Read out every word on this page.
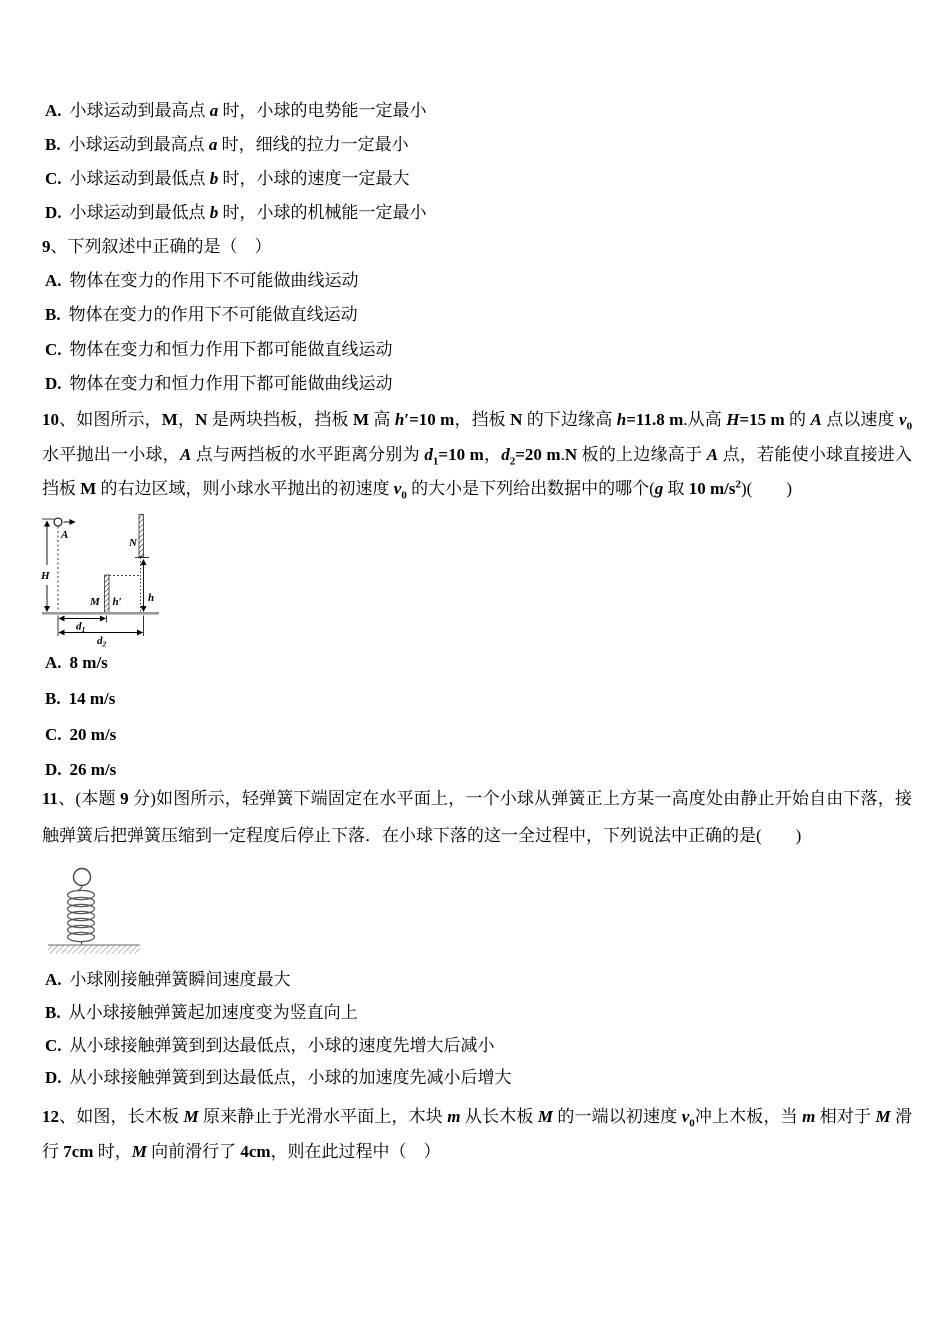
A. 小球运动到最高点 a 时，小球的电势能一定最小
B. 小球运动到最高点 a 时，细线的拉力一定最小
C. 小球运动到最低点 b 时，小球的速度一定最大
D. 小球运动到最低点 b 时，小球的机械能一定最小
9、下列叙述中正确的是（　）
A. 物体在变力的作用下不可能做曲线运动
B. 物体在变力的作用下不可能做直线运动
C. 物体在变力和恒力作用下都可能做直线运动
D. 物体在变力和恒力作用下都可能做曲线运动
10、如图所示，M，N 是两块挡板，挡板 M 高 h′=10 m，挡板 N 的下边缘高 h=11.8 m.从高 H=15 m 的 A 点以速度 $v_0$水平抛出一小球，A 点与两挡板的水平距离分别为 $d_1=10$ m，$d_2=20$ m.N 板的上边缘高于 A 点，若能使小球直接进入挡板 M 的右边区域，则小球水平抛出的初速度 $v_0$ 的大小是下列给出数据中的哪个(g 取 10 $m/s^2$)(　　)
H
A
M h′
N
h
$d_1$
$d_2$
A. 8 m/s
B. 14 m/s
C. 20 m/s
D. 26 m/s
11、(本题 9 分)如图所示，轻弹簧下端固定在水平面上，一个小球从弹簧正上方某一高度处由静止开始自由下落，接触弹簧后把弹簧压缩到一定程度后停止下落．在小球下落的这一全过程中，下列说法中正确的是(　　)
A. 小球刚接触弹簧瞬间速度最大
B. 从小球接触弹簧起加速度变为竖直向上
C. 从小球接触弹簧到到达最低点，小球的速度先增大后减小
D. 从小球接触弹簧到到达最低点，小球的加速度先减小后增大
12、如图，长木板 M 原来静止于光滑水平面上，木块 m 从长木板 M 的一端以初速度 $v_0$冲上木板，当 m 相对于 M 滑行 7cm 时，M 向前滑行了 4cm，则在此过程中（　）
